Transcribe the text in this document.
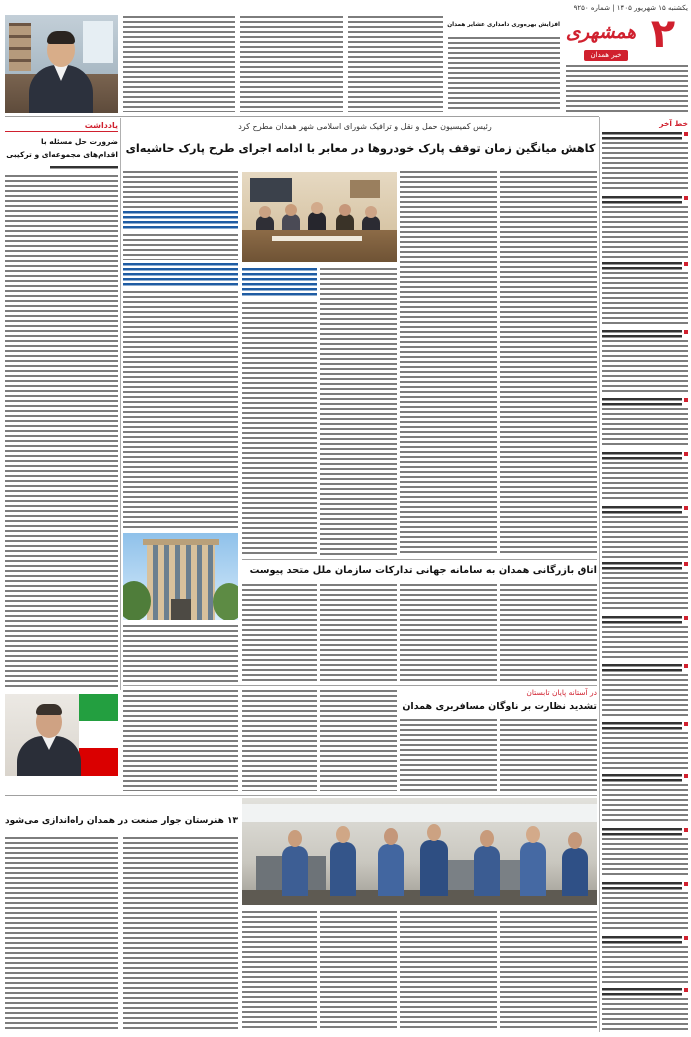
یکشنبه ۱۵ شهریور ۱۴۰۵ | شماره ۹۲۵۰
۲
همشهری
خبر همدان
افزایش بهره‌وری دامداری عشایر همدان
خط آخر
یادداشت
ضرورت حل مسئله با اقدام‌های مجموعه‌ای و ترکیبی
رئیس کمیسیون حمل و نقل و ترافیک شورای اسلامی شهر همدان مطرح کرد
کاهش میانگین زمان توقف پارک خودروها در معابر با ادامه اجرای طرح پارک حاشیه‌ای
اتاق بازرگانی همدان به سامانه جهانی تدارکات سازمان ملل متحد پیوست
در آستانه پایان تابستان
تشدید نظارت بر ناوگان مسافربری همدان
۱۳ هنرستان جوار صنعت در همدان راه‌اندازی می‌شود
